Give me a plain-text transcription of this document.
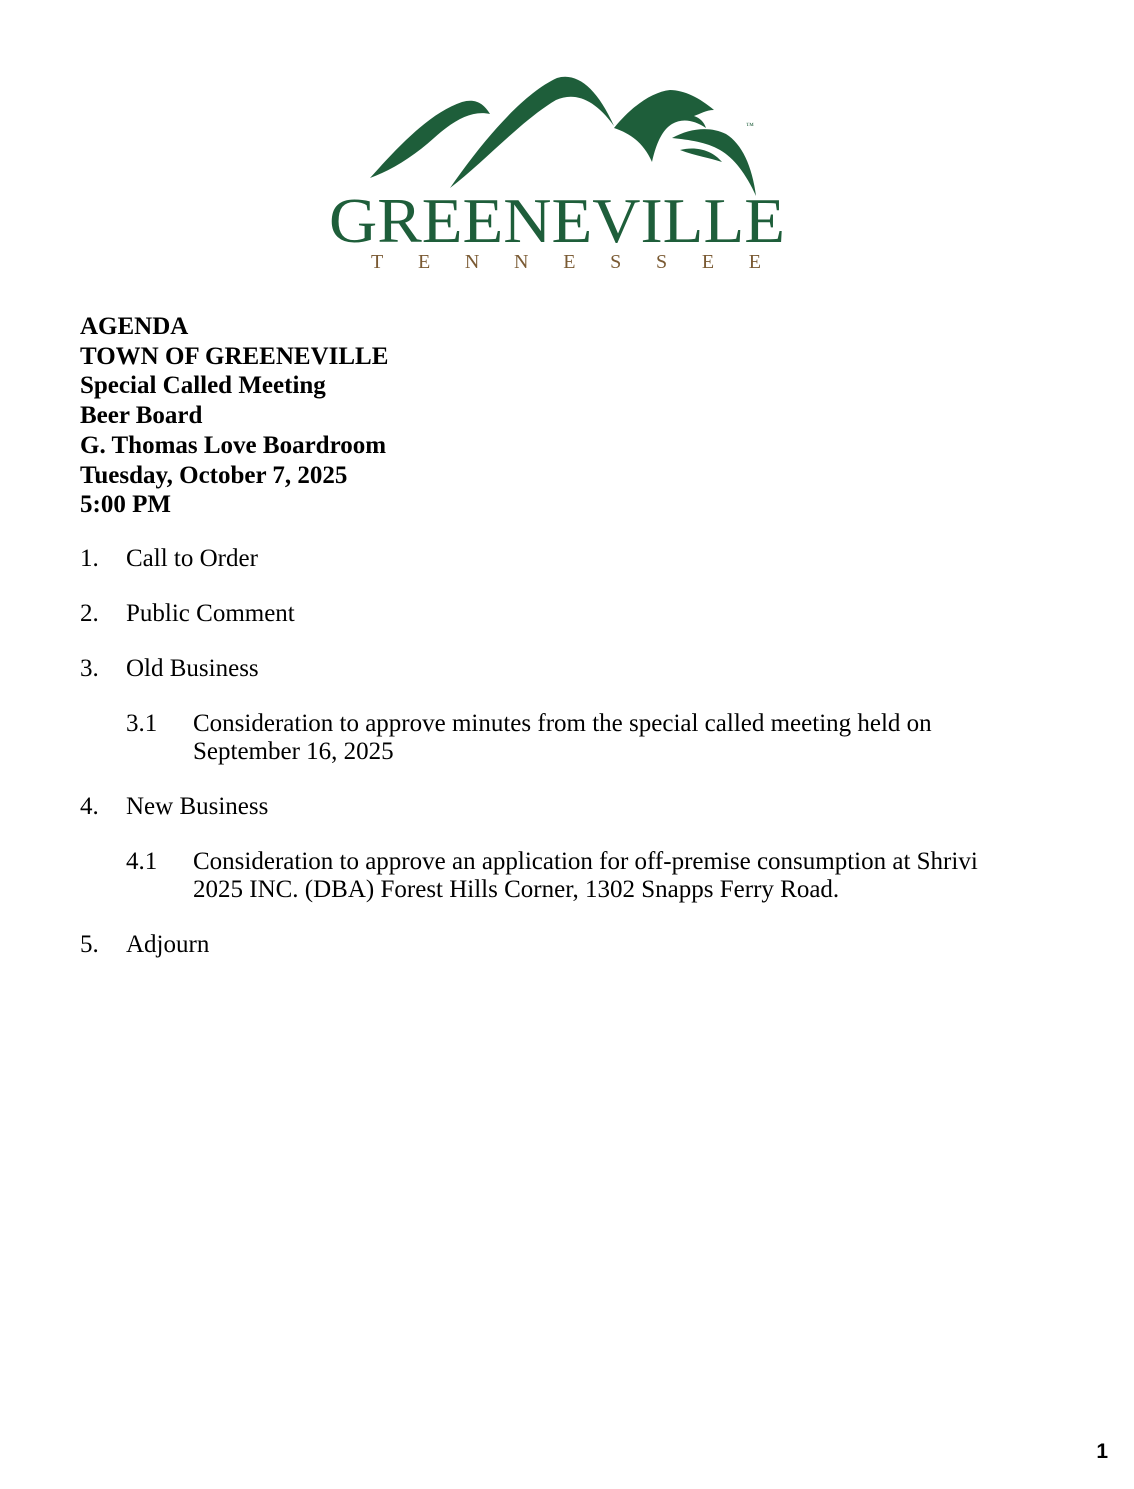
™
GREENEVILLE
TENNESSEE
AGENDA
TOWN OF GREENEVILLE
Special Called Meeting
Beer Board
G. Thomas Love Boardroom
Tuesday, October 7, 2025
5:00 PM
1.	Call to Order
2.	Public Comment
3.	Old Business
3.1	Consideration to approve minutes from the special called meeting held on September 16, 2025
4.	New Business
4.1	Consideration to approve an application for off-premise consumption at Shrivi 2025 INC. (DBA) Forest Hills Corner, 1302 Snapps Ferry Road.
5.	Adjourn
1
